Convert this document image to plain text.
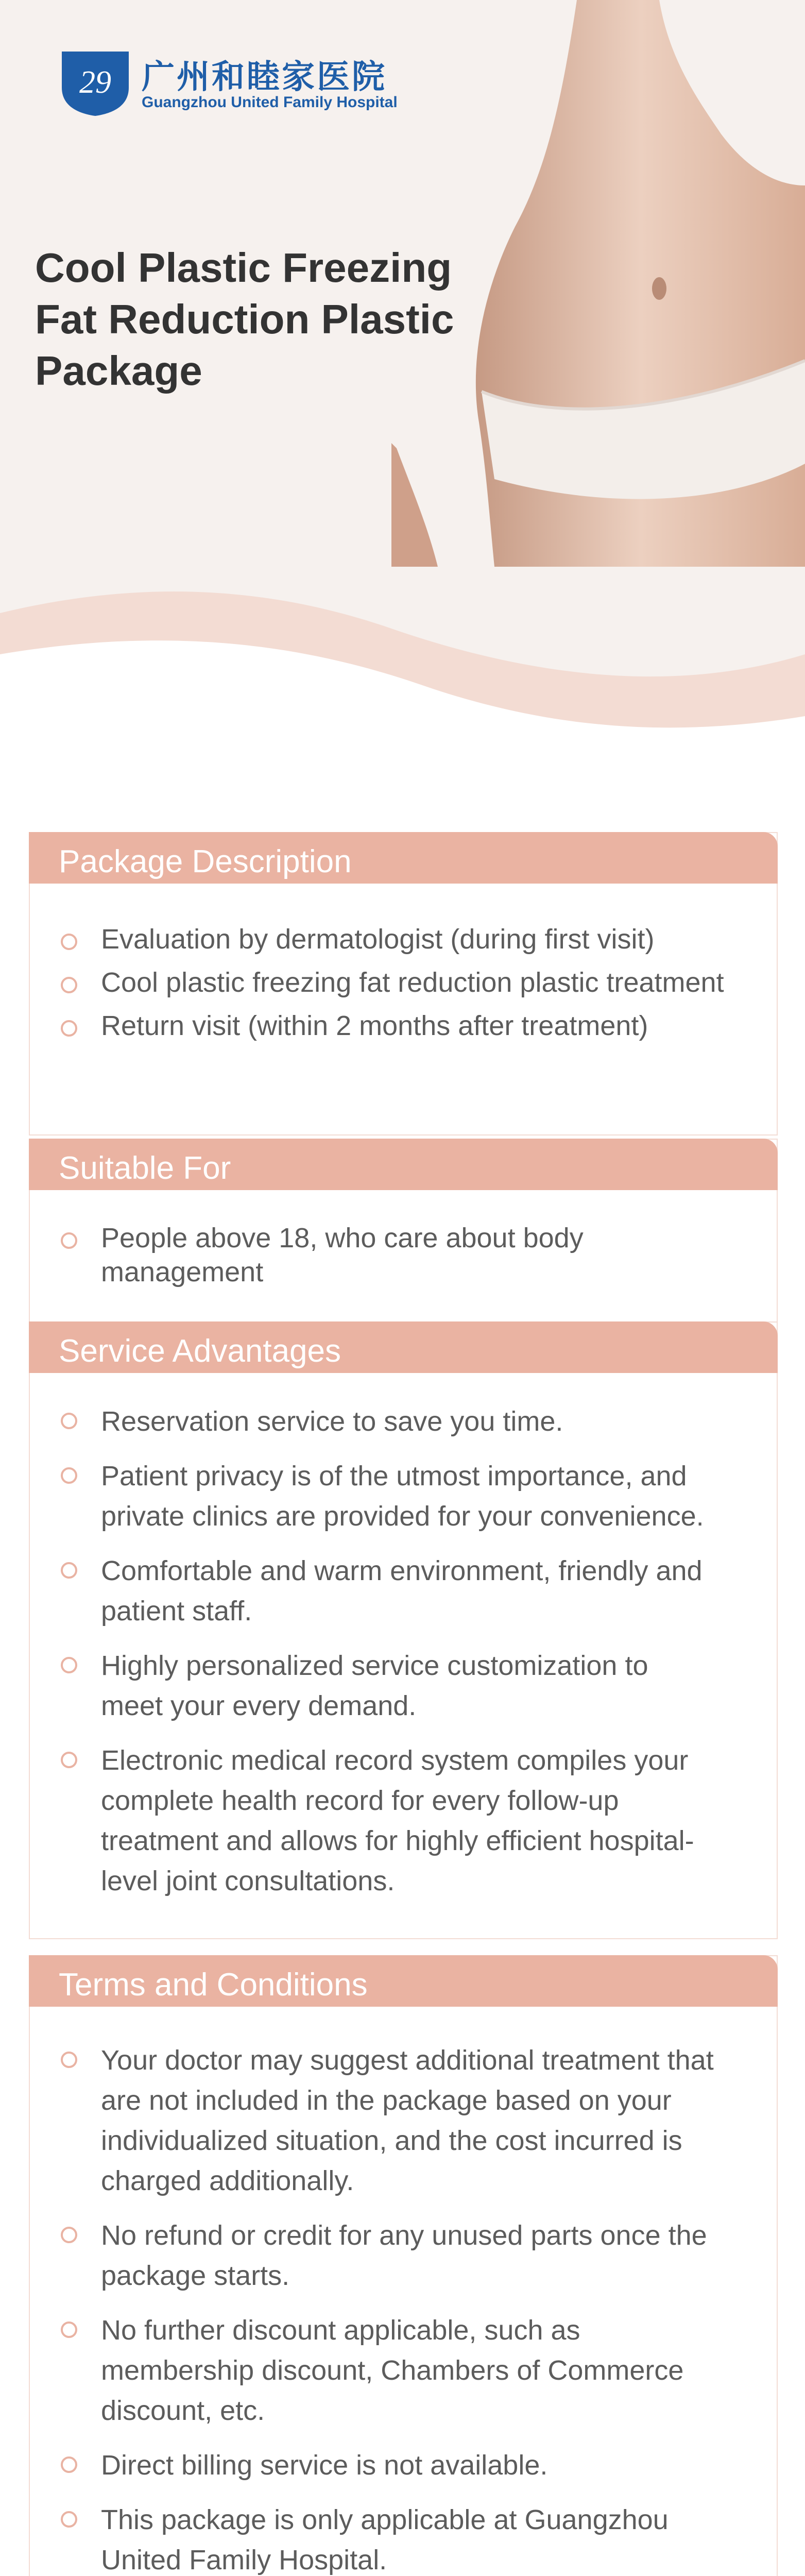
29 广州和睦家医院
Guangzhou United Family Hospital
Cool Plastic Freezing
Fat Reduction Plastic
Package
Package Description
Evaluation by dermatologist (during first visit)
Cool plastic freezing fat reduction plastic treatment
Return visit (within 2 months after treatment)
Suitable For
People above 18, who care about body management
Service Advantages
Reservation service to save you time.
Patient privacy is of the utmost importance, and private clinics are provided for your convenience.
Comfortable and warm environment, friendly and patient staff.
Highly personalized service customization to meet your every demand.
Electronic medical record system compiles your complete health record for every follow-up treatment and allows for highly efficient hospital-level joint consultations.
Terms and Conditions
Your doctor may suggest additional treatment that are not included in the package based on your individualized situation, and the cost incurred is charged additionally.
No refund or credit for any unused parts once the package starts.
No further discount applicable, such as membership discount, Chambers of Commerce discount, etc.
Direct billing service is not available.
This package is only applicable at Guangzhou United Family Hospital.
